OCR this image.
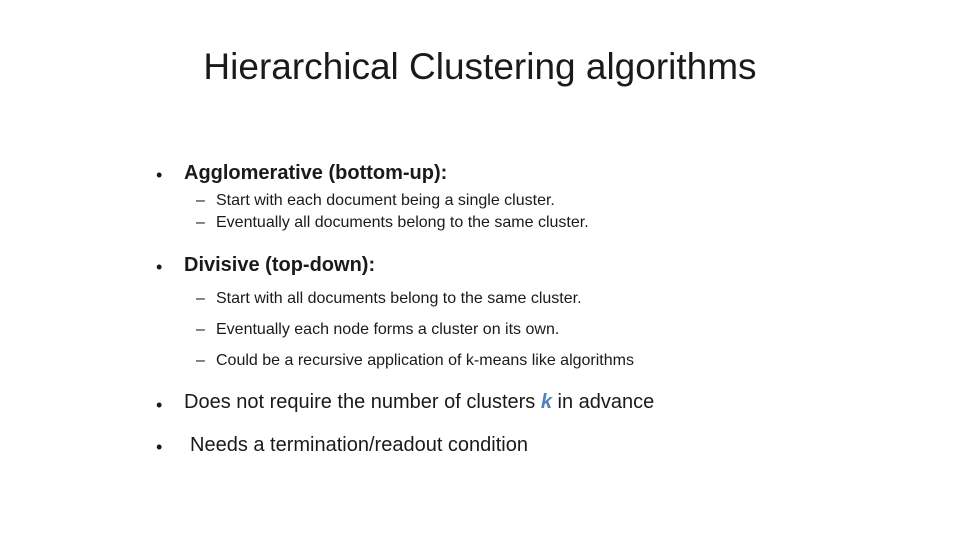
Hierarchical Clustering algorithms
• Agglomerative (bottom-up):
– Start with each document being a single cluster.
– Eventually all documents belong to the same cluster.
• Divisive (top-down):
– Start with all documents belong to the same cluster.
– Eventually each node forms a cluster on its own.
– Could be a recursive application of k-means like algorithms
• Does not require the number of clusters k in advance
• Needs a termination/readout condition
